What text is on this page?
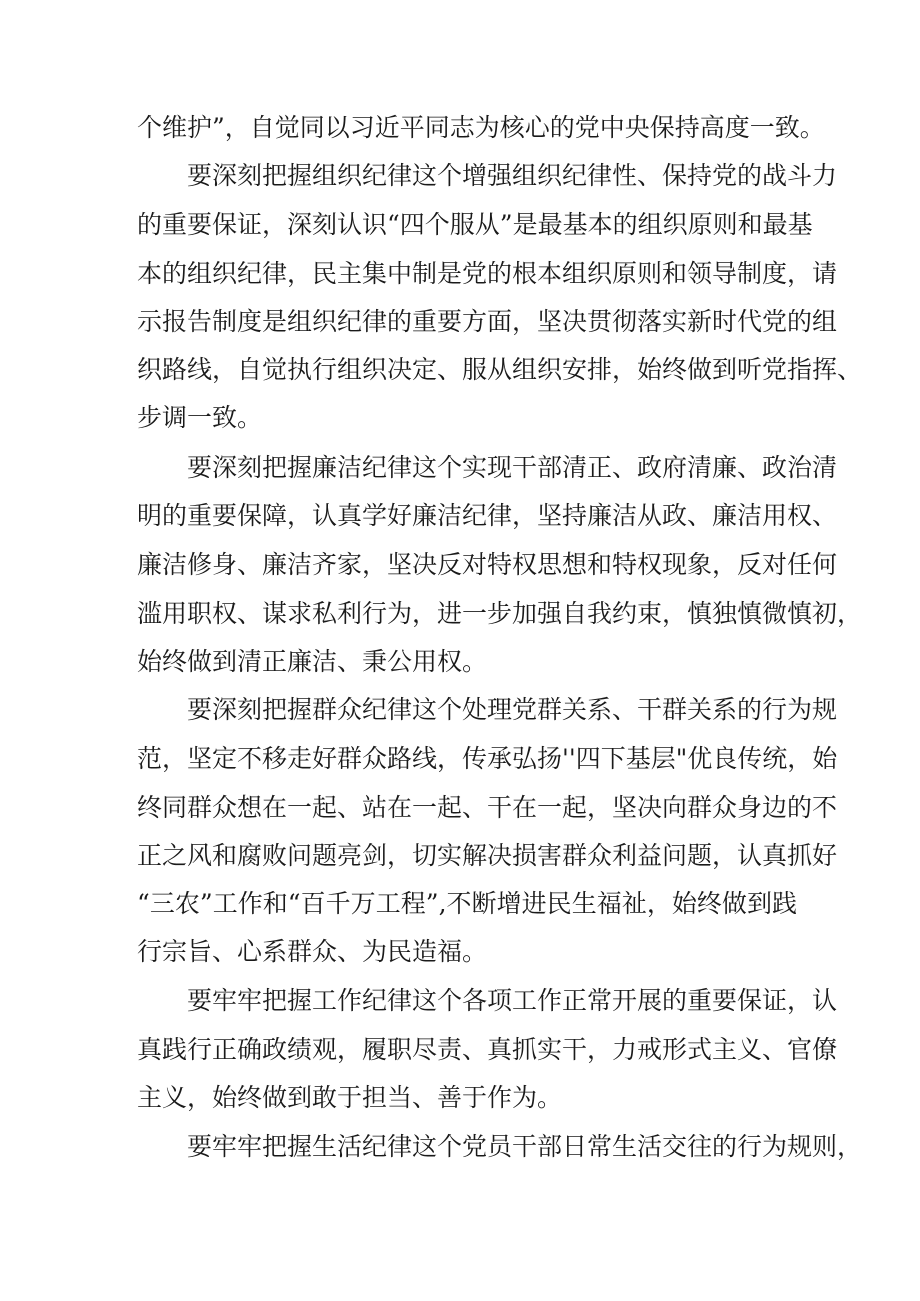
个维护”，自觉同以习近平同志为核心的党中央保持高度一致。
要深刻把握组织纪律这个增强组织纪律性、保持党的战斗力
的重要保证，深刻认识“四个服从”是最基本的组织原则和最基
本的组织纪律，民主集中制是党的根本组织原则和领导制度，请
示报告制度是组织纪律的重要方面，坚决贯彻落实新时代党的组
织路线，自觉执行组织决定、服从组织安排，始终做到听党指挥、
步调一致。
要深刻把握廉洁纪律这个实现干部清正、政府清廉、政治清
明的重要保障，认真学好廉洁纪律，坚持廉洁从政、廉洁用权、
廉洁修身、廉洁齐家，坚决反对特权思想和特权现象，反对任何
滥用职权、谋求私利行为，进一步加强自我约束，慎独慎微慎初，
始终做到清正廉洁、秉公用权。
要深刻把握群众纪律这个处理党群关系、干群关系的行为规
范，坚定不移走好群众路线，传承弘扬''四下基层"优良传统，始
终同群众想在一起、站在一起、干在一起，坚决向群众身边的不
正之风和腐败问题亮剑，切实解决损害群众利益问题，认真抓好
“三农”工作和“百千万工程”,不断增进民生福祉，始终做到践
行宗旨、心系群众、为民造福。
要牢牢把握工作纪律这个各项工作正常开展的重要保证，认
真践行正确政绩观，履职尽责、真抓实干，力戒形式主义、官僚
主义，始终做到敢于担当、善于作为。
要牢牢把握生活纪律这个党员干部日常生活交往的行为规则，
